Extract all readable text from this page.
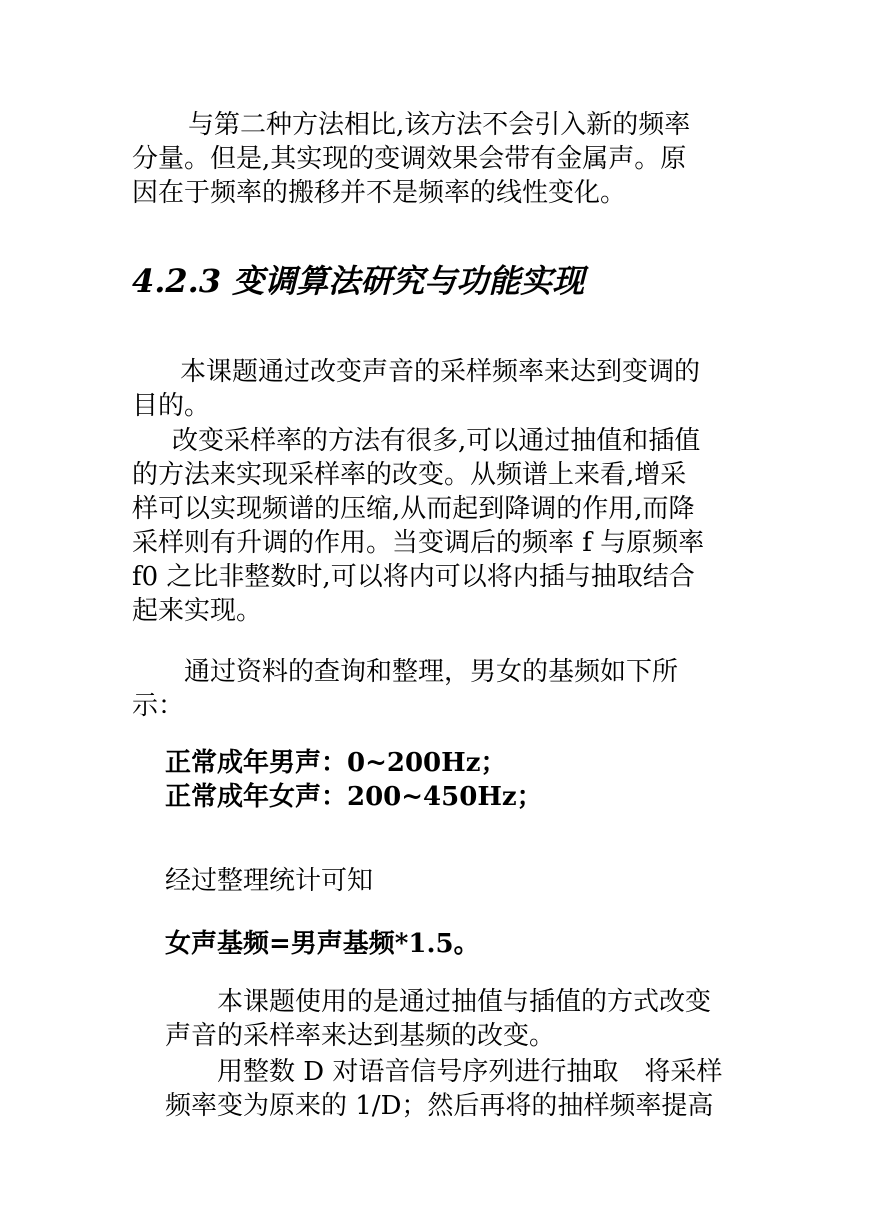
与第二种方法相比,该方法不会引入新的频率
分量。但是,其实现的变调效果会带有金属声。原
因在于频率的搬移并不是频率的线性变化。
4.2.3 变调算法研究与功能实现
本课题通过改变声音的采样频率来达到变调的
目的。
改变采样率的方法有很多,可以通过抽值和插值
的方法来实现采样率的改变。从频谱上来看,增采
样可以实现频谱的压缩,从而起到降调的作用,而降
采样则有升调的作用。当变调后的频率 f 与原频率
f0 之比非整数时,可以将内可以将内插与抽取结合
起来实现。
通过资料的查询和整理，男女的基频如下所
示：
正常成年男声：0~200Hz；
正常成年女声：200~450Hz；
经过整理统计可知
女声基频=男声基频*1.5。
本课题使用的是通过抽值与插值的方式改变
声音的采样率来达到基频的改变。
用整数 D 对语音信号序列进行抽取　将采样
频率变为原来的 1/D；然后再将的抽样频率提高
